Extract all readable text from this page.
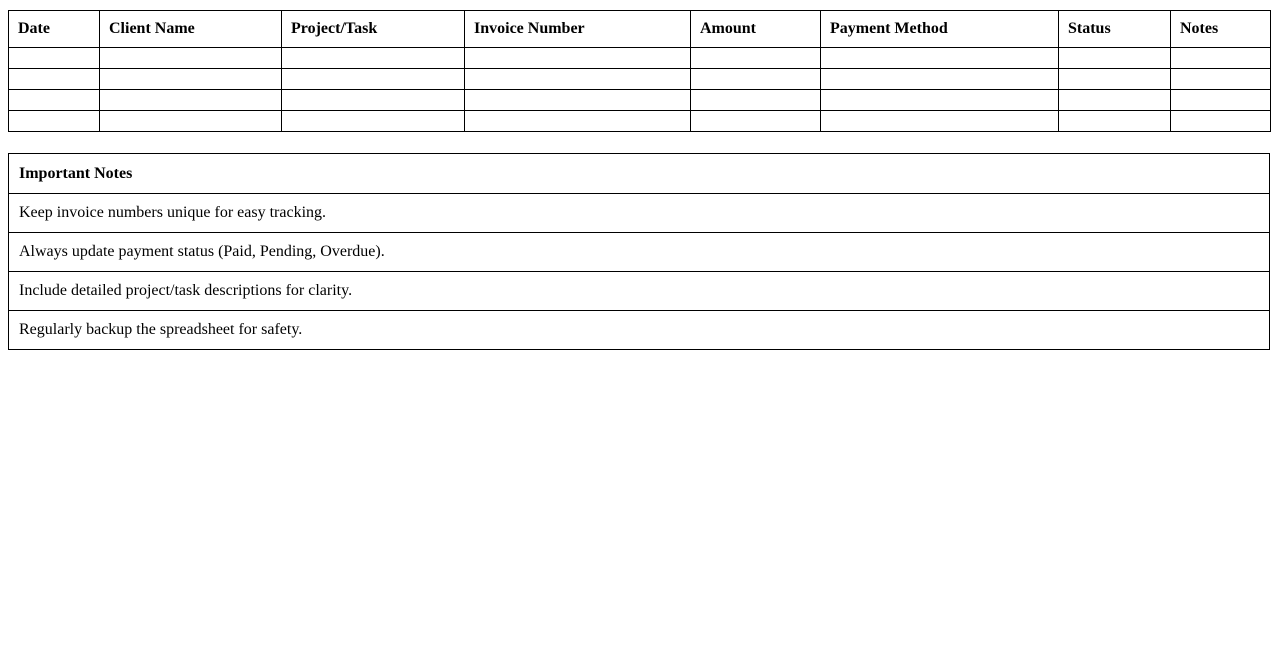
Date	Client Name	Project/Task	Invoice Number	Amount	Payment Method	Status	Notes

Important Notes
Keep invoice numbers unique for easy tracking.
Always update payment status (Paid, Pending, Overdue).
Include detailed project/task descriptions for clarity.
Regularly backup the spreadsheet for safety.
